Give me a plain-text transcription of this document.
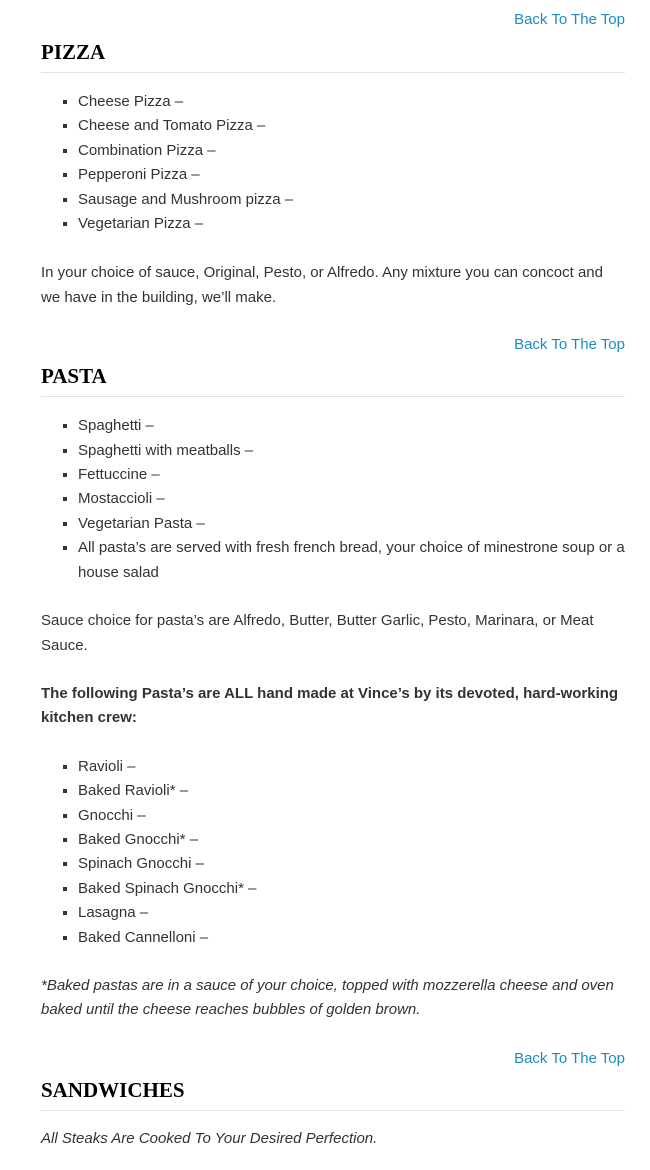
Back To The Top
PIZZA
▪ Cheese Pizza –
▪ Cheese and Tomato Pizza –
▪ Combination Pizza –
▪ Pepperoni Pizza –
▪ Sausage and Mushroom pizza –
▪ Vegetarian Pizza –

In your choice of sauce, Original, Pesto, or Alfredo. Any mixture you can concoct and we have in the building, we’ll make.

Back To The Top
PASTA
▪ Spaghetti –
▪ Spaghetti with meatballs –
▪ Fettuccine –
▪ Mostaccioli –
▪ Vegetarian Pasta –
▪ All pasta’s are served with fresh french bread, your choice of minestrone soup or a house salad

Sauce choice for pasta’s are Alfredo, Butter, Butter Garlic, Pesto, Marinara, or Meat Sauce.

The following Pasta’s are ALL hand made at Vince’s by its devoted, hard-working kitchen crew:

▪ Ravioli –
▪ Baked Ravioli* –
▪ Gnocchi –
▪ Baked Gnocchi* –
▪ Spinach Gnocchi –
▪ Baked Spinach Gnocchi* –
▪ Lasagna –
▪ Baked Cannelloni –

*Baked pastas are in a sauce of your choice, topped with mozzerella cheese and oven baked until the cheese reaches bubbles of golden brown.

Back To The Top
SANDWICHES

All Steaks Are Cooked To Your Desired Perfection.
